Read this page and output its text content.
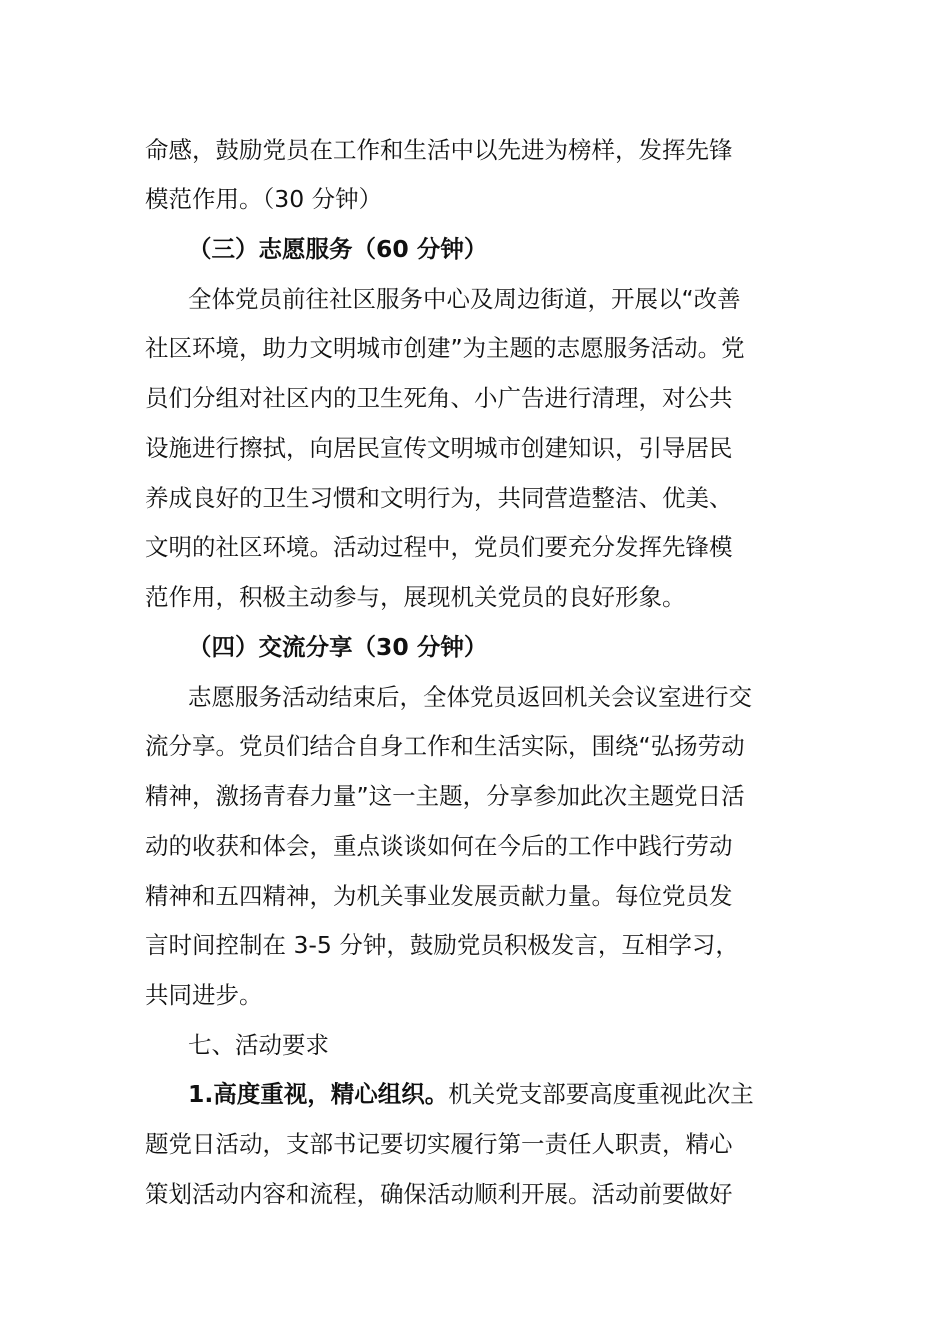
命感，鼓励党员在工作和生活中以先进为榜样，发挥先锋
模范作用。（30 分钟）
（三）志愿服务（60 分钟）
全体党员前往社区服务中心及周边街道，开展以“改善
社区环境，助力文明城市创建”为主题的志愿服务活动。党
员们分组对社区内的卫生死角、小广告进行清理，对公共
设施进行擦拭，向居民宣传文明城市创建知识，引导居民
养成良好的卫生习惯和文明行为，共同营造整洁、优美、
文明的社区环境。活动过程中，党员们要充分发挥先锋模
范作用，积极主动参与，展现机关党员的良好形象。
（四）交流分享（30 分钟）
志愿服务活动结束后，全体党员返回机关会议室进行交
流分享。党员们结合自身工作和生活实际，围绕“弘扬劳动
精神，激扬青春力量”这一主题，分享参加此次主题党日活
动的收获和体会，重点谈谈如何在今后的工作中践行劳动
精神和五四精神，为机关事业发展贡献力量。每位党员发
言时间控制在 3-5 分钟，鼓励党员积极发言，互相学习，
共同进步。
七、活动要求
1.高度重视，精心组织。机关党支部要高度重视此次主
题党日活动，支部书记要切实履行第一责任人职责，精心
策划活动内容和流程，确保活动顺利开展。活动前要做好
